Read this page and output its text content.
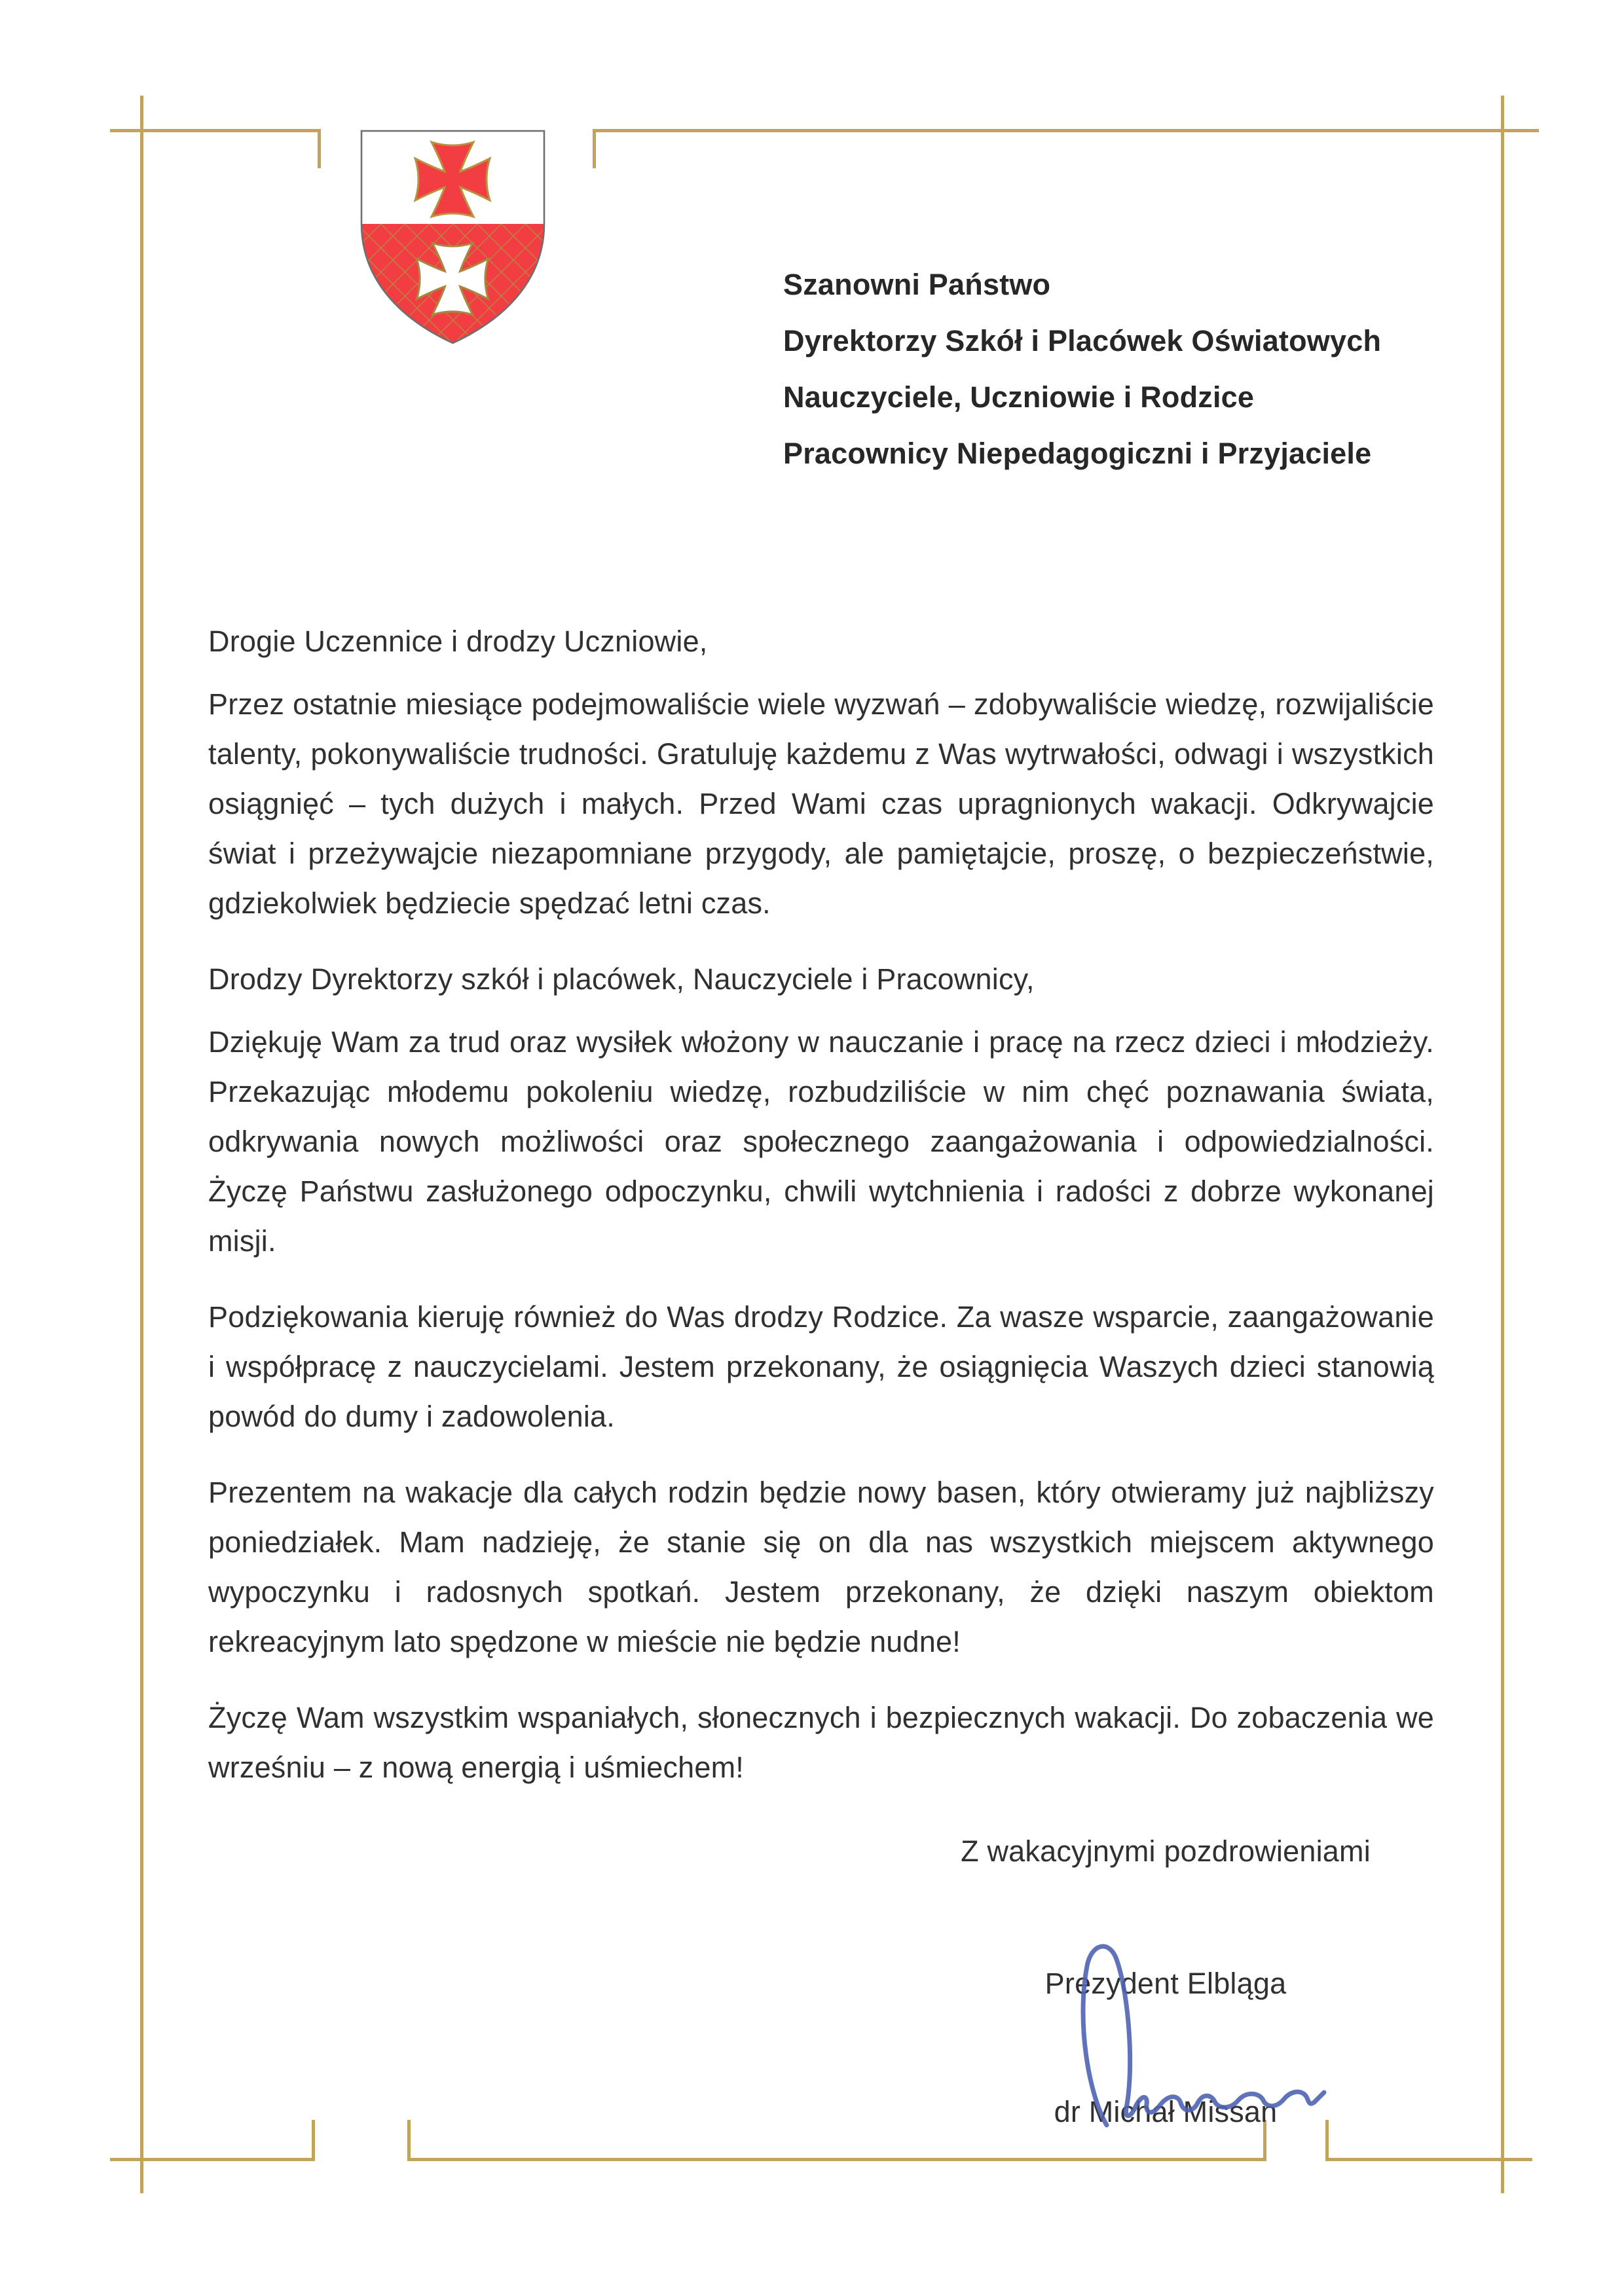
Szanowni Państwo
Dyrektorzy Szkół i Placówek Oświatowych
Nauczyciele, Uczniowie i Rodzice
Pracownicy Niepedagogiczni i Przyjaciele

Drogie Uczennice i drodzy Uczniowie,

Przez ostatnie miesiące podejmowaliście wiele wyzwań – zdobywaliście wiedzę, rozwijaliście talenty, pokonywaliście trudności. Gratuluję każdemu z Was wytrwałości, odwagi i wszystkich osiągnięć – tych dużych i małych. Przed Wami czas upragnionych wakacji. Odkrywajcie świat i przeżywajcie niezapomniane przygody, ale pamiętajcie, proszę, o bezpieczeństwie, gdziekolwiek będziecie spędzać letni czas.

Drodzy Dyrektorzy szkół i placówek, Nauczyciele i Pracownicy,

Dziękuję Wam za trud oraz wysiłek włożony w nauczanie i pracę na rzecz dzieci i młodzieży. Przekazując młodemu pokoleniu wiedzę, rozbudziliście w nim chęć poznawania świata, odkrywania nowych możliwości oraz społecznego zaangażowania i odpowiedzialności. Życzę Państwu zasłużonego odpoczynku, chwili wytchnienia i radości z dobrze wykonanej misji.

Podziękowania kieruję również do Was drodzy Rodzice. Za wasze wsparcie, zaangażowanie i współpracę z nauczycielami. Jestem przekonany, że osiągnięcia Waszych dzieci stanowią powód do dumy i zadowolenia.

Prezentem na wakacje dla całych rodzin będzie nowy basen, który otwieramy już najbliższy poniedziałek. Mam nadzieję, że stanie się on dla nas wszystkich miejscem aktywnego wypoczynku i radosnych spotkań. Jestem przekonany, że dzięki naszym obiektom rekreacyjnym lato spędzone w mieście nie będzie nudne!

Życzę Wam wszystkim wspaniałych, słonecznych i bezpiecznych wakacji. Do zobaczenia we wrześniu – z nową energią i uśmiechem!

Z wakacyjnymi pozdrowieniami
Prezydent Elbląga
dr Michał Missan
